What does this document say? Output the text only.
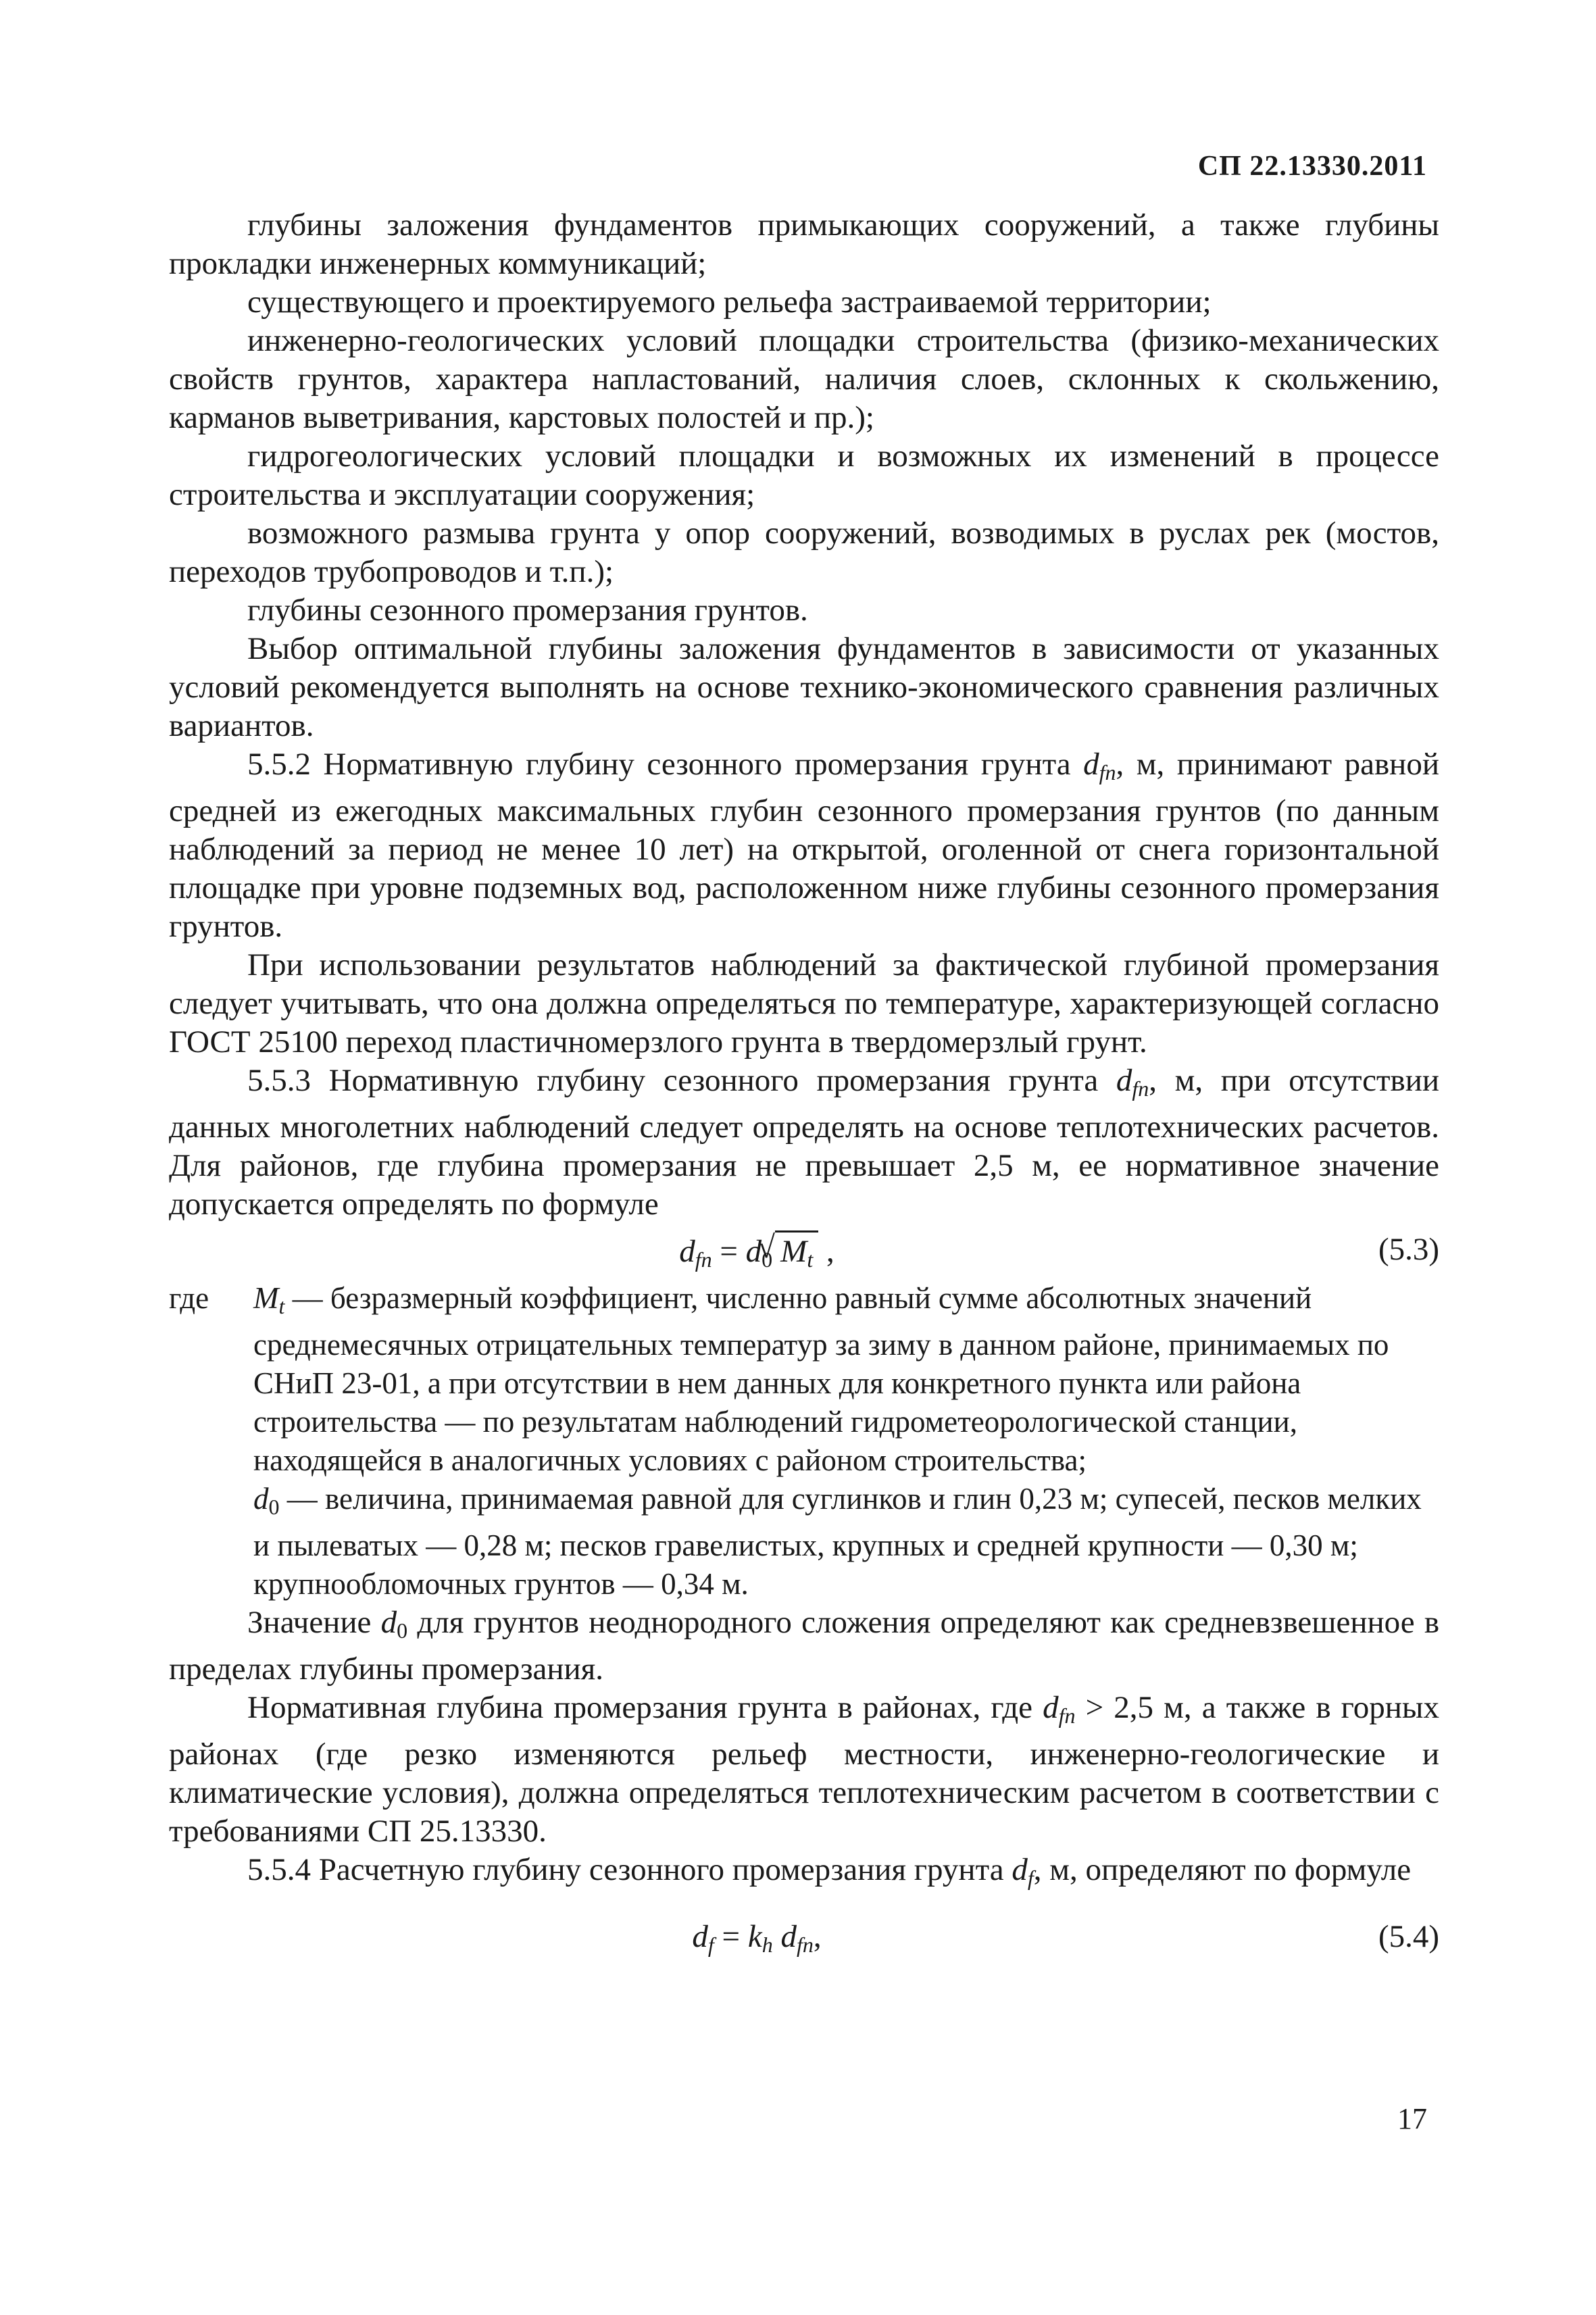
СП 22.13330.2011

глубины заложения фундаментов примыкающих сооружений, а также глубины прокладки инженерных коммуникаций;

существующего и проектируемого рельефа застраиваемой территории;

инженерно-геологических условий площадки строительства (физико-механических свойств грунтов, характера напластований, наличия слоев, склонных к скольжению, карманов выветривания, карстовых полостей и пр.);

гидрогеологических условий площадки и возможных их изменений в процессе строительства и эксплуатации сооружения;

возможного размыва грунта у опор сооружений, возводимых в руслах рек (мостов, переходов трубопроводов и т.п.);

глубины сезонного промерзания грунтов.

Выбор оптимальной глубины заложения фундаментов в зависимости от указанных условий рекомендуется выполнять на основе технико-экономического сравнения различных вариантов.

5.5.2 Нормативную глубину сезонного промерзания грунта $d_{fn}$, м, принимают равной средней из ежегодных максимальных глубин сезонного промерзания грунтов (по данным наблюдений за период не менее 10 лет) на открытой, оголенной от снега горизонтальной площадке при уровне подземных вод, расположенном ниже глубины сезонного промерзания грунтов.

При использовании результатов наблюдений за фактической глубиной промерзания следует учитывать, что она должна определяться по температуре, характеризующей согласно ГОСТ 25100 переход пластичномерзлого грунта в твердомерзлый грунт.

5.5.3 Нормативную глубину сезонного промерзания грунта $d_{fn}$, м, при отсутствии данных многолетних наблюдений следует определять на основе теплотехнических расчетов. Для районов, где глубина промерзания не превышает 2,5 м, ее нормативное значение допускается определять по формуле

$d_{fn} = d_0√$ $M_t$ ,	(5.3)
где	$M_t$ — безразмерный коэффициент, численно равный сумме абсолютных значений среднемесячных отрицательных температур за зиму в данном районе, принимаемых по СНиП 23-01, а при отсутствии в нем данных для конкретного пункта или района строительства — по результатам наблюдений гидрометеорологической станции, находящейся в аналогичных условиях с районом строительства;
$d_0$ — величина, принимаемая равной для суглинков и глин 0,23 м; супесей, песков мелких и пылеватых — 0,28 м; песков гравелистых, крупных и средней крупности — 0,30 м; крупнообломочных грунтов — 0,34 м.

Значение $d_0$ для грунтов неоднородного сложения определяют как средневзвешенное в пределах глубины промерзания.

Нормативная глубина промерзания грунта в районах, где $d_{fn} > 2,5$ м, а также в горных районах (где резко изменяются рельеф местности, инженерно-геологические и климатические условия), должна определяться теплотехническим расчетом в соответствии с требованиями СП 25.13330.

5.5.4 Расчетную глубину сезонного промерзания грунта $d_f$, м, определяют по формуле

$d_f = k_h$ $d_{fn}$,	(5.4)
17
